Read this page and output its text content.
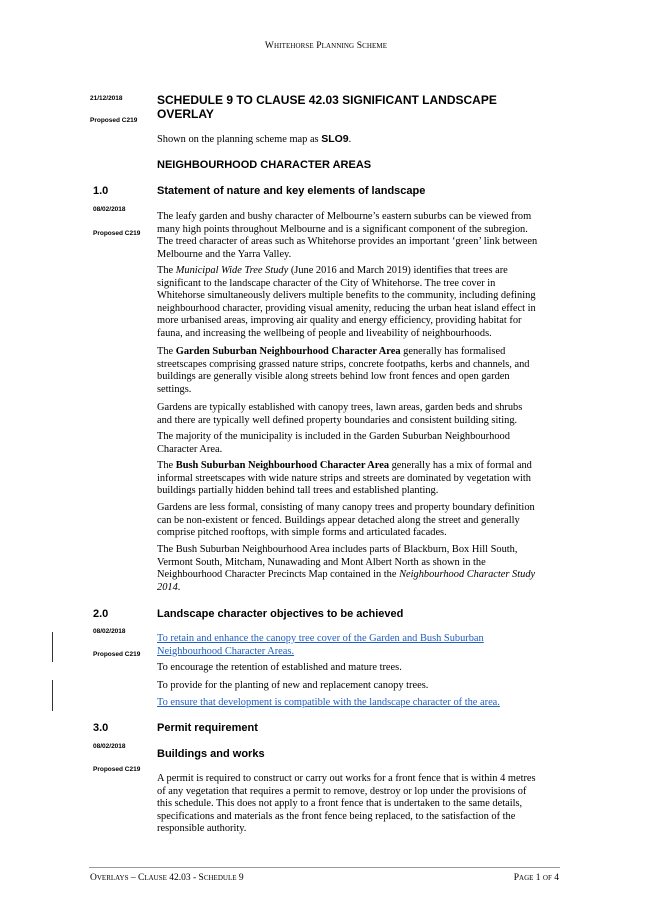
Whitehorse Planning Scheme
21/12/2018
Proposed C219
SCHEDULE 9 TO CLAUSE 42.03 SIGNIFICANT LANDSCAPE
OVERLAY
Shown on the planning scheme map as SLO9.
NEIGHBOURHOOD CHARACTER AREAS
1.0	Statement of nature and key elements of landscape
08/02/2018
Proposed C219
The leafy garden and bushy character of Melbourne’s eastern suburbs can be viewed from
many high points throughout Melbourne and is a significant component of the subregion.
The treed character of areas such as Whitehorse provides an important ‘green’ link between
Melbourne and the Yarra Valley.
The Municipal Wide Tree Study (June 2016 and March 2019) identifies that trees are
significant to the landscape character of the City of Whitehorse. The tree cover in
Whitehorse simultaneously delivers multiple benefits to the community, including defining
neighbourhood character, providing visual amenity, reducing the urban heat island effect in
more urbanised areas, improving air quality and energy efficiency, providing habitat for
fauna, and increasing the wellbeing of people and liveability of neighbourhoods.
The Garden Suburban Neighbourhood Character Area generally has formalised
streetscapes comprising grassed nature strips, concrete footpaths, kerbs and channels, and
buildings are generally visible along streets behind low front fences and open garden
settings.
Gardens are typically established with canopy trees, lawn areas, garden beds and shrubs
and there are typically well defined property boundaries and consistent building siting.
The majority of the municipality is included in the Garden Suburban Neighbourhood
Character Area.
The Bush Suburban Neighbourhood Character Area generally has a mix of formal and
informal streetscapes with wide nature strips and streets are dominated by vegetation with
buildings partially hidden behind tall trees and established planting.
Gardens are less formal, consisting of many canopy trees and property boundary definition
can be non-existent or fenced. Buildings appear detached along the street and generally
comprise pitched rooftops, with simple forms and articulated facades.
The Bush Suburban Neighbourhood Area includes parts of Blackburn, Box Hill South,
Vermont South, Mitcham, Nunawading and Mont Albert North as shown in the
Neighbourhood Character Precincts Map contained in the Neighbourhood Character Study
2014.
2.0	Landscape character objectives to be achieved
08/02/2018
Proposed C219
To retain and enhance the canopy tree cover of the Garden and Bush Suburban
Neighbourhood Character Areas.
To encourage the retention of established and mature trees.
To provide for the planting of new and replacement canopy trees.
To ensure that development is compatible with the landscape character of the area.
3.0	Permit requirement
08/02/2018
Buildings and works
Proposed C219
A permit is required to construct or carry out works for a front fence that is within 4 metres
of any vegetation that requires a permit to remove, destroy or lop under the provisions of
this schedule. This does not apply to a front fence that is undertaken to the same details,
specifications and materials as the front fence being replaced, to the satisfaction of the
responsible authority.
Overlays – Clause 42.03 - Schedule 9	Page 1 of 4
